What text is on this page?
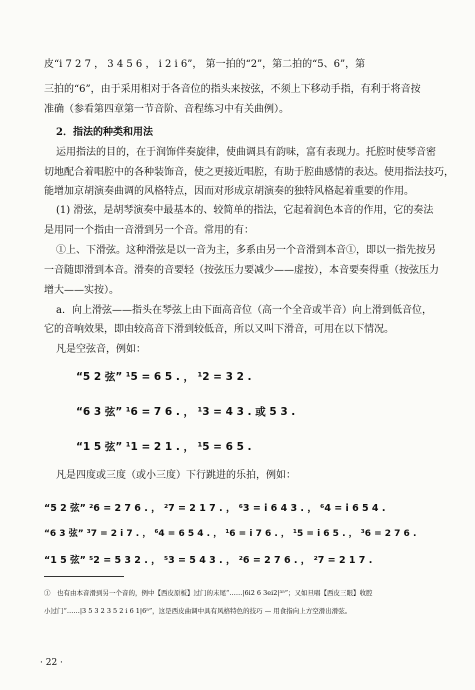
皮“i 7 2 7 ， 3 4 5 6 ， i 2 i 6”， 第一拍的“2”，第二拍的“5、6”，第
三拍的“6”，由于采用相对于各音位的指头来按弦，不须上下移动手指，有利于将音按
准确（参看第四章第一节音阶、音程练习中有关曲例）。
2．指法的种类和用法
运用指法的目的，在于润饰伴奏旋律，使曲调具有韵味，富有表现力。托腔时使琴音密
切地配合着唱腔中的各种装饰音，使之更接近唱腔，有助于腔曲感情的表达。使用指法技巧，
能增加京胡演奏曲调的风格特点，因而对形成京胡演奏的独特风格起着重要的作用。
(1) 滑弦，是胡琴演奏中最基本的、较简单的指法，它起着润色本音的作用，它的奏法
是用同一个指由一音滑到另一个音。常用的有：
①上、下滑弦。这种滑弦是以一音为主，多系由另一个音滑到本音①，即以一指先按另
一音随即滑到本音。滑奏的音要轻（按弦压力要减少——虚按），本音要奏得重（按弦压力
增大——实按）。
a．向上滑弦——指头在琴弦上由下面高音位（高一个全音或半音）向上滑到低音位，
它的音响效果，即由较高音下滑到较低音，所以又叫下滑音，可用在以下情况。
凡是空弦音，例如：
“5 2 弦” ¹5 = 6 5 . ， ¹2 = 3 2 .
“6 3 弦” ¹6 = 7 6 . ， ¹3 = 4 3 . 或 5 3 .
“1 5 弦” ¹1 = 2 1 . ， ¹5 = 6 5 .
凡是四度或三度（或小三度）下行跳进的乐拍，例如：
“5 2 弦” ²6 = 2 7 6 . ， ²7 = 2 1 7 . ， ⁶3 = i 6 4 3 . ， ⁶4 = i 6 5 4 .
“6 3 弦” ³7 = 2 i 7 . ， ⁶4 = 6 5 4 . ， ¹6 = i 7 6 . ， ¹5 = i 6 5 . ， ³6 = 2 7 6 .
“1 5 弦” ⁵2 = 5 3 2 . ， ⁵3 = 5 4 3 . ， ²6 = 2 7 6 . ， ²7 = 2 1 7 .
①　也有由本音滑到另一个音的，例中【西皮原板】过门的末尾“……|6i2 6 3ei2|³⁵”；又如旦唱【西皮三眼】收腔
小过门“……|3 5 3 2 3 5 2 i 6 1|6⁵”，这是西皮曲调中具有风格特色的技巧 — 用食指向上方空滑出滑弦。
· 22 ·
